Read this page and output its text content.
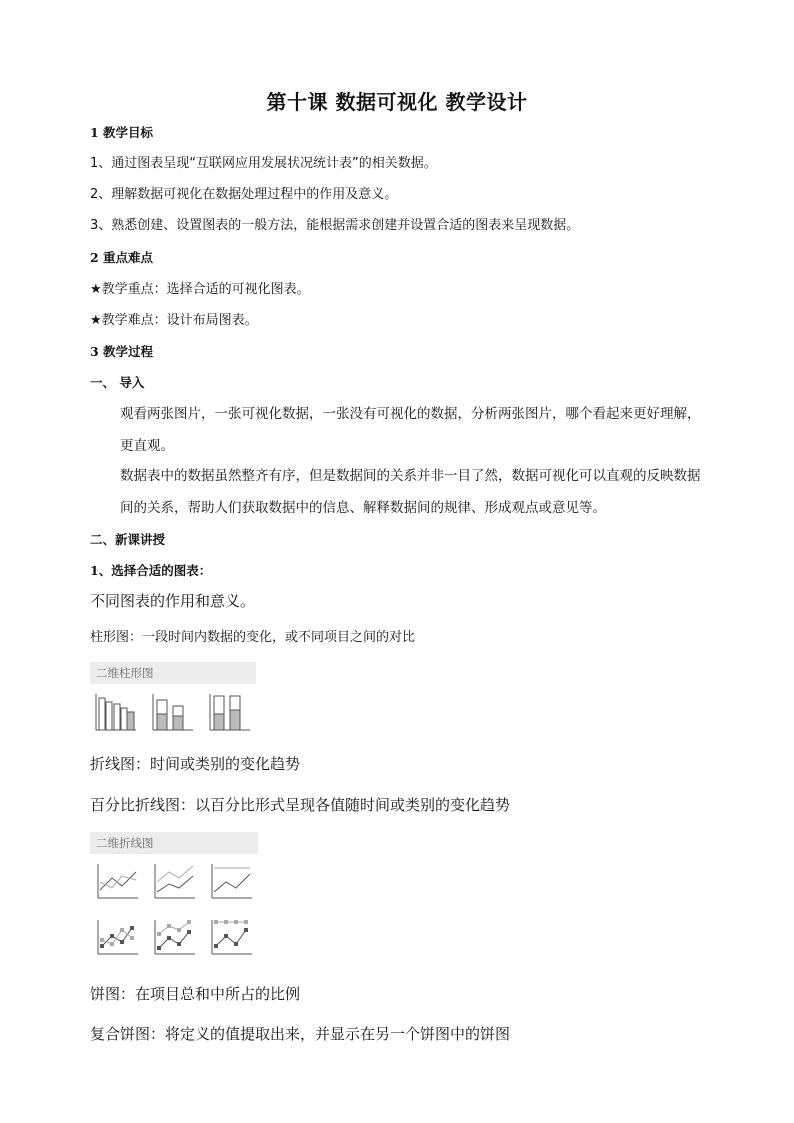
第十课 数据可视化 教学设计
1 教学目标
1、通过图表呈现“互联网应用发展状况统计表”的相关数据。
2、理解数据可视化在数据处理过程中的作用及意义。
3、熟悉创建、设置图表的一般方法，能根据需求创建并设置合适的图表来呈现数据。
2 重点难点
★教学重点：选择合适的可视化图表。
★教学难点：设计布局图表。
3 教学过程
一、 导入
观看两张图片，一张可视化数据，一张没有可视化的数据，分析两张图片，哪个看起来更好理解，更直观。
数据表中的数据虽然整齐有序，但是数据间的关系并非一目了然，数据可视化可以直观的反映数据间的关系，帮助人们获取数据中的信息、解释数据间的规律、形成观点或意见等。
二、新课讲授
1、选择合适的图表：
不同图表的作用和意义。
柱形图：一段时间内数据的变化，或不同项目之间的对比
二维柱形图
折线图：时间或类别的变化趋势
百分比折线图：以百分比形式呈现各值随时间或类别的变化趋势
二维折线图
饼图：在项目总和中所占的比例
复合饼图：将定义的值提取出来，并显示在另一个饼图中的饼图
